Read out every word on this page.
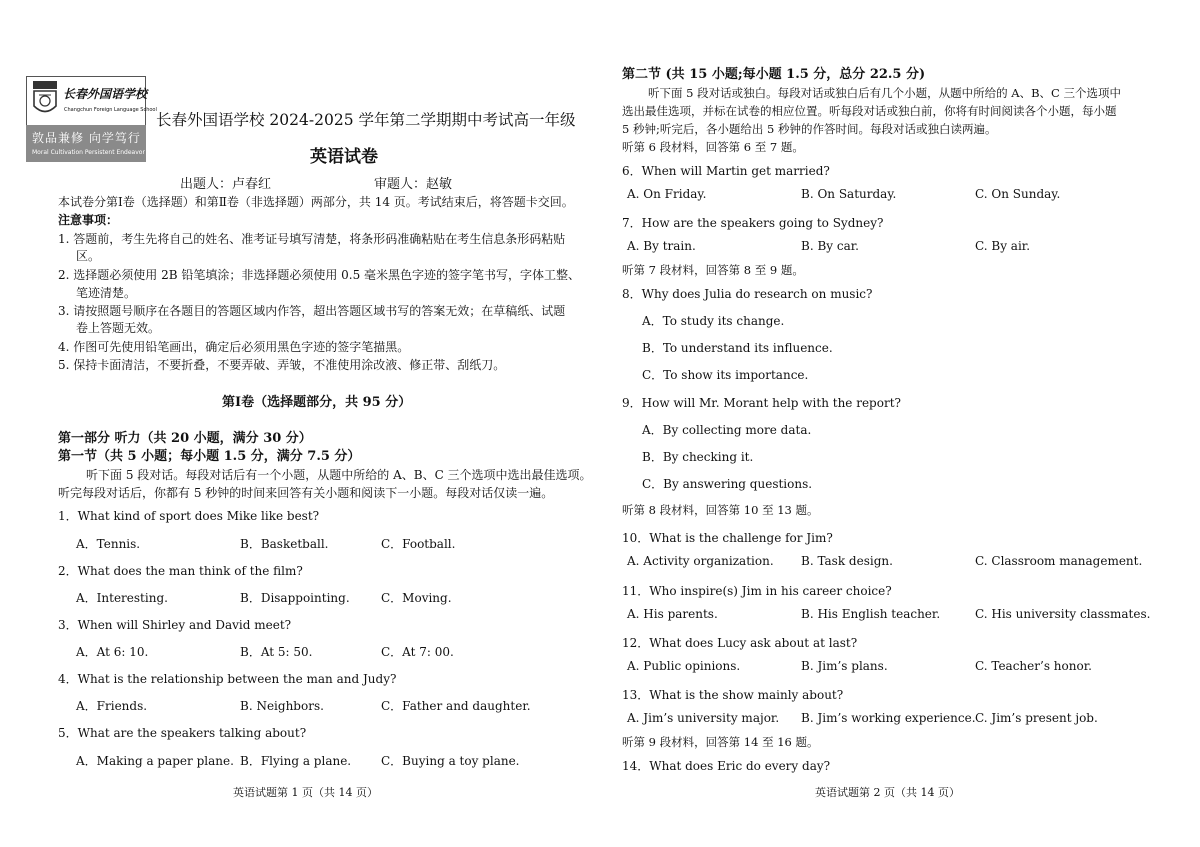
长春外国语学校
Changchun Foreign Language School
敦品兼修 向学笃行
Moral Cultivation Persistent Endeavor
长春外国语学校 2024-2025 学年第二学期期中考试高一年级
英语试卷
出题人：卢春红	审题人：赵敏
本试卷分第Ⅰ卷（选择题）和第Ⅱ卷（非选择题）两部分，共 14 页。考试结束后，将答题卡交回。
注意事项：
1. 答题前，考生先将自己的姓名、准考证号填写清楚，将条形码准确粘贴在考生信息条形码粘贴
区。
2. 选择题必须使用 2B 铅笔填涂；非选择题必须使用 0.5 毫米黑色字迹的签字笔书写，字体工整、
笔迹清楚。
3. 请按照题号顺序在各题目的答题区域内作答，超出答题区域书写的答案无效；在草稿纸、试题
卷上答题无效。
4. 作图可先使用铅笔画出，确定后必须用黑色字迹的签字笔描黑。
5. 保持卡面清洁，不要折叠，不要弄破、弄皱，不准使用涂改液、修正带、刮纸刀。
第Ⅰ卷（选择题部分，共 95 分）
第一部分 听力（共 20 小题，满分 30 分）
第一节（共 5 小题；每小题 1.5 分，满分 7.5 分）
听下面 5 段对话。每段对话后有一个小题，从题中所给的 A、B、C 三个选项中选出最佳选项。
听完每段对话后，你都有 5 秒钟的时间来回答有关小题和阅读下一小题。每段对话仅读一遍。
1．What kind of sport does Mike like best?
A．Tennis.	B．Basketball.	C．Football.
2．What does the man think of the film?
A．Interesting.	B．Disappointing.	C．Moving.
3．When will Shirley and David meet?
A．At 6: 10.	B．At 5: 50.	C．At 7: 00.
4．What is the relationship between the man and Judy?
A．Friends.	B. Neighbors.	C．Father and daughter.
5．What are the speakers talking about?
A．Making a paper plane. B．Flying a plane. C．Buying a toy plane.
英语试题第 1 页（共 14 页）
第二节 (共 15 小题;每小题 1.5 分，总分 22.5 分)
听下面 5 段对话或独白。每段对话或独白后有几个小题，从题中所给的 A、B、C 三个选项中
选出最佳选项，并标在试卷的相应位置。听每段对话或独白前，你将有时间阅读各个小题，每小题
5 秒钟;听完后，各小题给出 5 秒钟的作答时间。每段对话或独白读两遍。
听第 6 段材料，回答第 6 至 7 题。
6．When will Martin get married?
A. On Friday.	B. On Saturday.	C. On Sunday.
7．How are the speakers going to Sydney?
A. By train.	B. By car.	C. By air.
听第 7 段材料，回答第 8 至 9 题。
8．Why does Julia do research on music?
A．To study its change.
B．To understand its influence.
C．To show its importance.
9．How will Mr. Morant help with the report?
A．By collecting more data.
B．By checking it.
C．By answering questions.
听第 8 段材料，回答第 10 至 13 题。
10．What is the challenge for Jim?
A. Activity organization. B. Task design.	C. Classroom management.
11．Who inspire(s) Jim in his career choice?
A. His parents.	B. His English teacher.	C. His university classmates.
12．What does Lucy ask about at last?
A. Public opinions.	B. Jim’s plans.	C. Teacher’s honor.
13．What is the show mainly about?
A. Jim’s university major. B. Jim’s working experience. C. Jim’s present job.
听第 9 段材料，回答第 14 至 16 题。
14．What does Eric do every day?
英语试题第 2 页（共 14 页）
